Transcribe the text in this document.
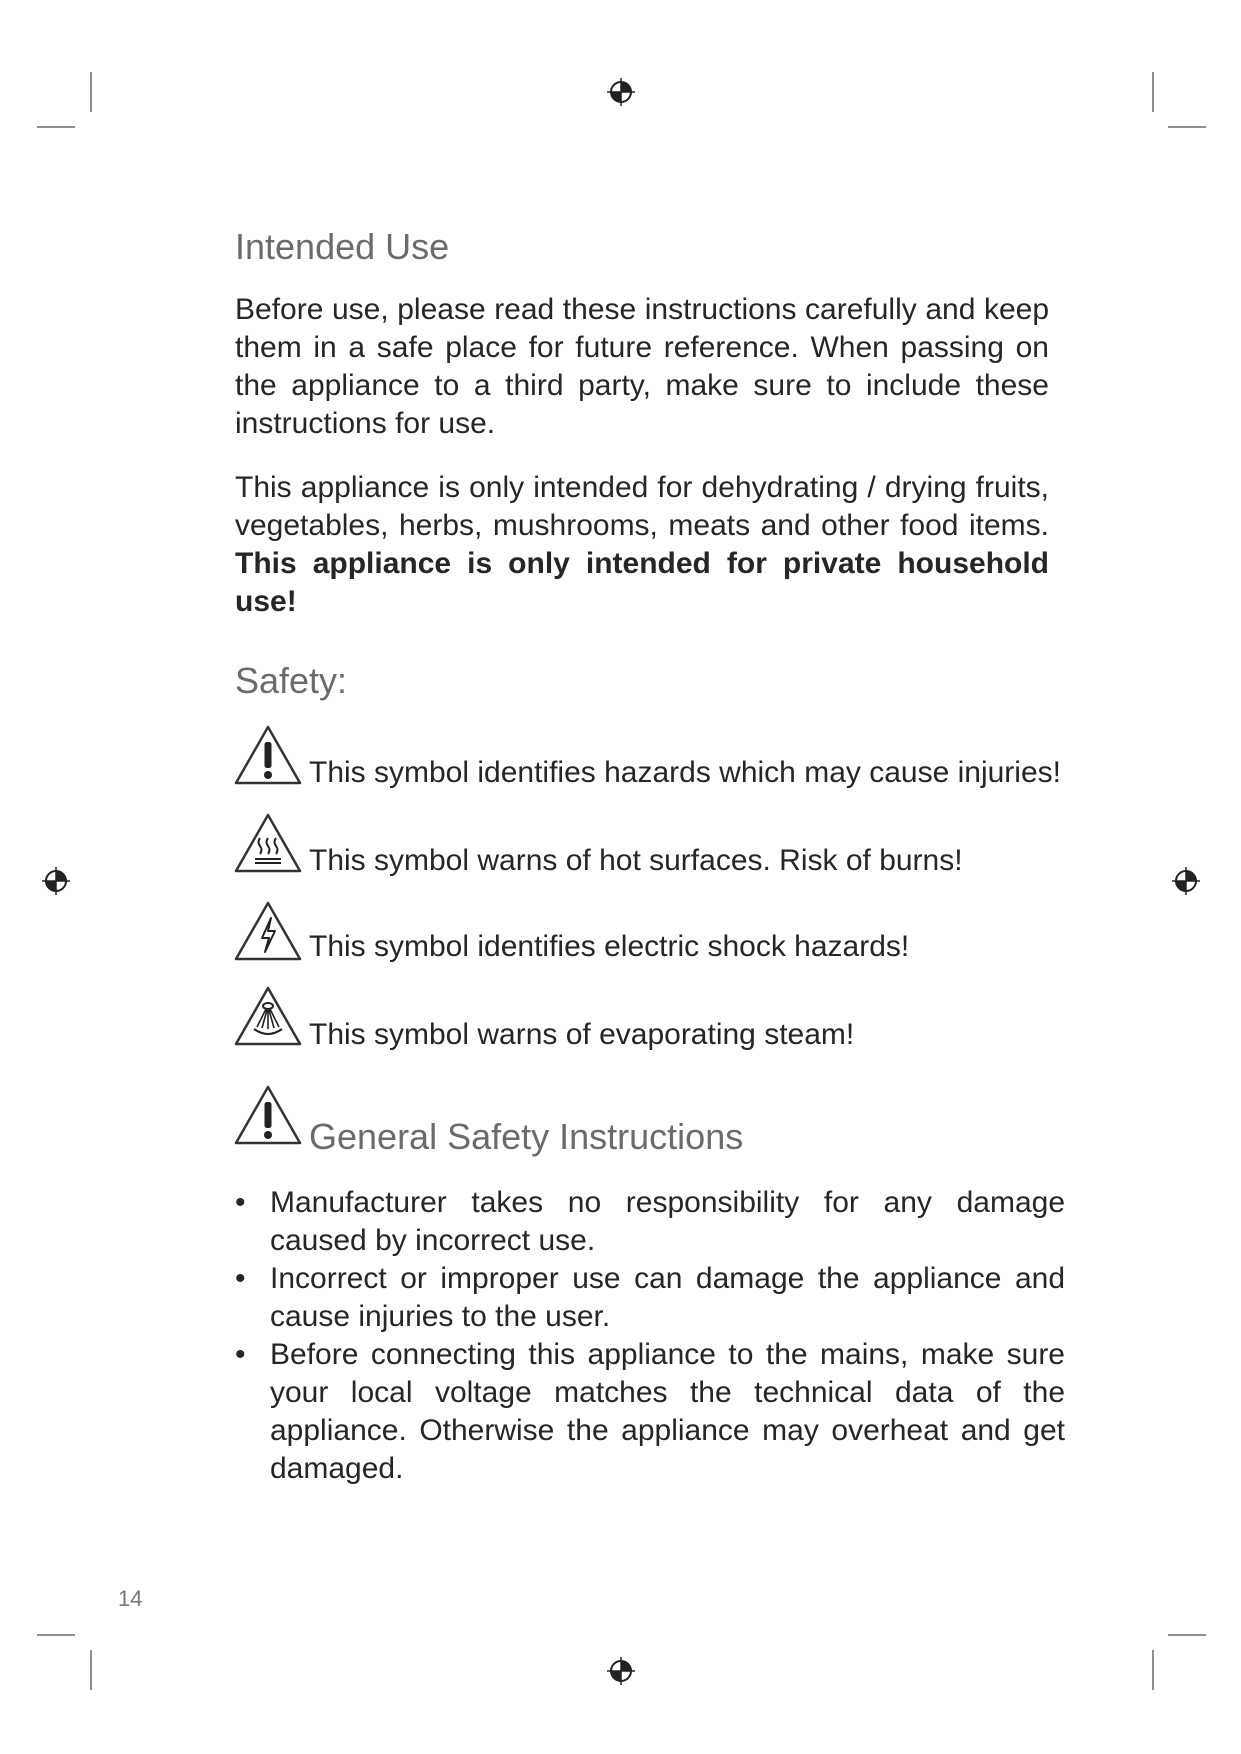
Intended Use

Before use, please read these instructions carefully and keep them in a safe place for future reference. When passing on the appliance to a third party, make sure to include these instructions for use.

This appliance is only intended for dehydrating / drying fruits, vegetables, herbs, mushrooms, meats and other food items. This appliance is only intended for private household use!

Safety:
This symbol identifies hazards which may cause injuries!
This symbol warns of hot surfaces. Risk of burns!
This symbol identifies electric shock hazards!
This symbol warns of evaporating steam!
General Safety Instructions
• Manufacturer takes no responsibility for any damage caused by incorrect use.
• Incorrect or improper use can damage the appliance and cause injuries to the user.
• Before connecting this appliance to the mains, make sure your local voltage matches the technical data of the appliance. Otherwise the appliance may overheat and get damaged.
14
